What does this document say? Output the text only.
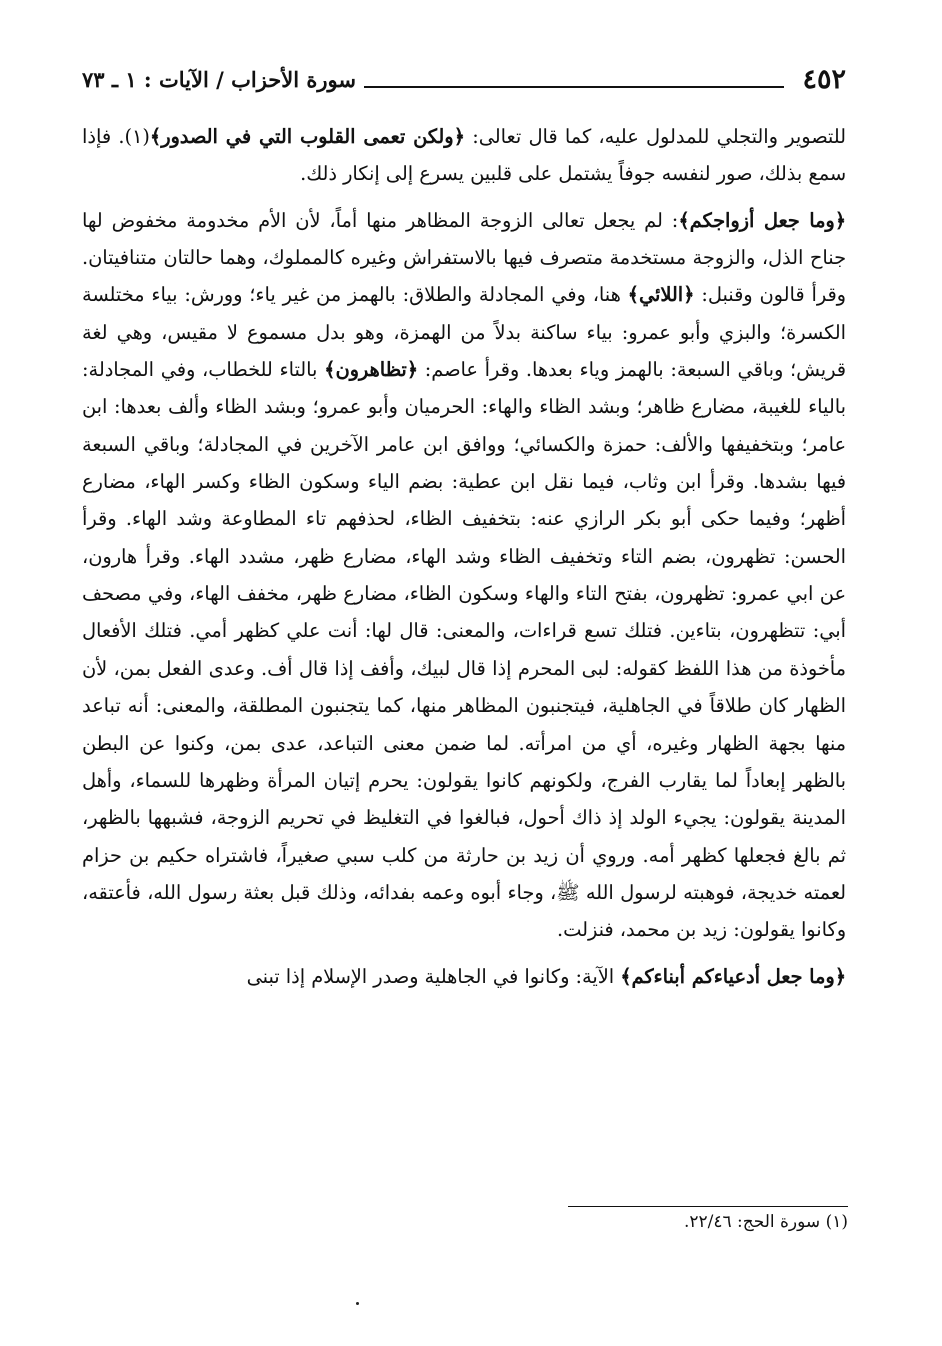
٤٥٢
سورة الأحزاب / الآيات : ١ ـ ٧٣

للتصوير والتجلي للمدلول عليه، كما قال تعالى: ﴿ولكن تعمى القلوب التي في الصدور﴾(١). فإذا سمع بذلك، صور لنفسه جوفاً يشتمل على قلبين يسرع إلى إنكار ذلك.

﴿وما جعل أزواجكم﴾: لم يجعل تعالى الزوجة المظاهر منها أماً، لأن الأم مخدومة مخفوض لها جناح الذل، والزوجة مستخدمة متصرف فيها بالاستفراش وغيره كالمملوك، وهما حالتان متنافيتان. وقرأ قالون وقنبل: ﴿اللائي﴾ هنا، وفي المجادلة والطلاق: بالهمز من غير ياء؛ وورش: بياء مختلسة الكسرة؛ والبزي وأبو عمرو: بياء ساكنة بدلاً من الهمزة، وهو بدل مسموع لا مقيس، وهي لغة قريش؛ وباقي السبعة: بالهمز وياء بعدها. وقرأ عاصم: ﴿تظاهرون﴾ بالتاء للخطاب، وفي المجادلة: بالياء للغيبة، مضارع ظاهر؛ وبشد الظاء والهاء: الحرميان وأبو عمرو؛ وبشد الظاء وألف بعدها: ابن عامر؛ وبتخفيفها والألف: حمزة والكسائي؛ ووافق ابن عامر الآخرين في المجادلة؛ وباقي السبعة فيها بشدها. وقرأ ابن وثاب، فيما نقل ابن عطية: بضم الياء وسكون الظاء وكسر الهاء، مضارع أظهر؛ وفيما حكى أبو بكر الرازي عنه: بتخفيف الظاء، لحذفهم تاء المطاوعة وشد الهاء. وقرأ الحسن: تظهرون، بضم التاء وتخفيف الظاء وشد الهاء، مضارع ظهر، مشدد الهاء. وقرأ هارون، عن ابي عمرو: تظهرون، بفتح التاء والهاء وسكون الظاء، مضارع ظهر، مخفف الهاء، وفي مصحف أبي: تتظهرون، بتاءين. فتلك تسع قراءات، والمعنى: قال لها: أنت علي كظهر أمي. فتلك الأفعال مأخوذة من هذا اللفظ كقوله: لبى المحرم إذا قال لبيك، وأفف إذا قال أف. وعدى الفعل بمن، لأن الظهار كان طلاقاً في الجاهلية، فيتجنبون المظاهر منها، كما يتجنبون المطلقة، والمعنى: أنه تباعد منها بجهة الظهار وغيره، أي من امرأته. لما ضمن معنى التباعد، عدى بمن، وكنوا عن البطن بالظهر إبعاداً لما يقارب الفرج، ولكونهم كانوا يقولون: يحرم إتيان المرأة وظهرها للسماء، وأهل المدينة يقولون: يجيء الولد إذ ذاك أحول، فبالغوا في التغليظ في تحريم الزوجة، فشبهها بالظهر، ثم بالغ فجعلها كظهر أمه. وروي أن زيد بن حارثة من كلب سبي صغيراً، فاشتراه حكيم بن حزام لعمته خديجة، فوهبته لرسول الله ﷺ، وجاء أبوه وعمه بفدائه، وذلك قبل بعثة رسول الله، فأعتقه، وكانوا يقولون: زيد بن محمد، فنزلت.

﴿وما جعل أدعياءكم أبناءكم﴾ الآية: وكانوا في الجاهلية وصدر الإسلام إذا تبنى

(١) سورة الحج: ٢٢/٤٦.
